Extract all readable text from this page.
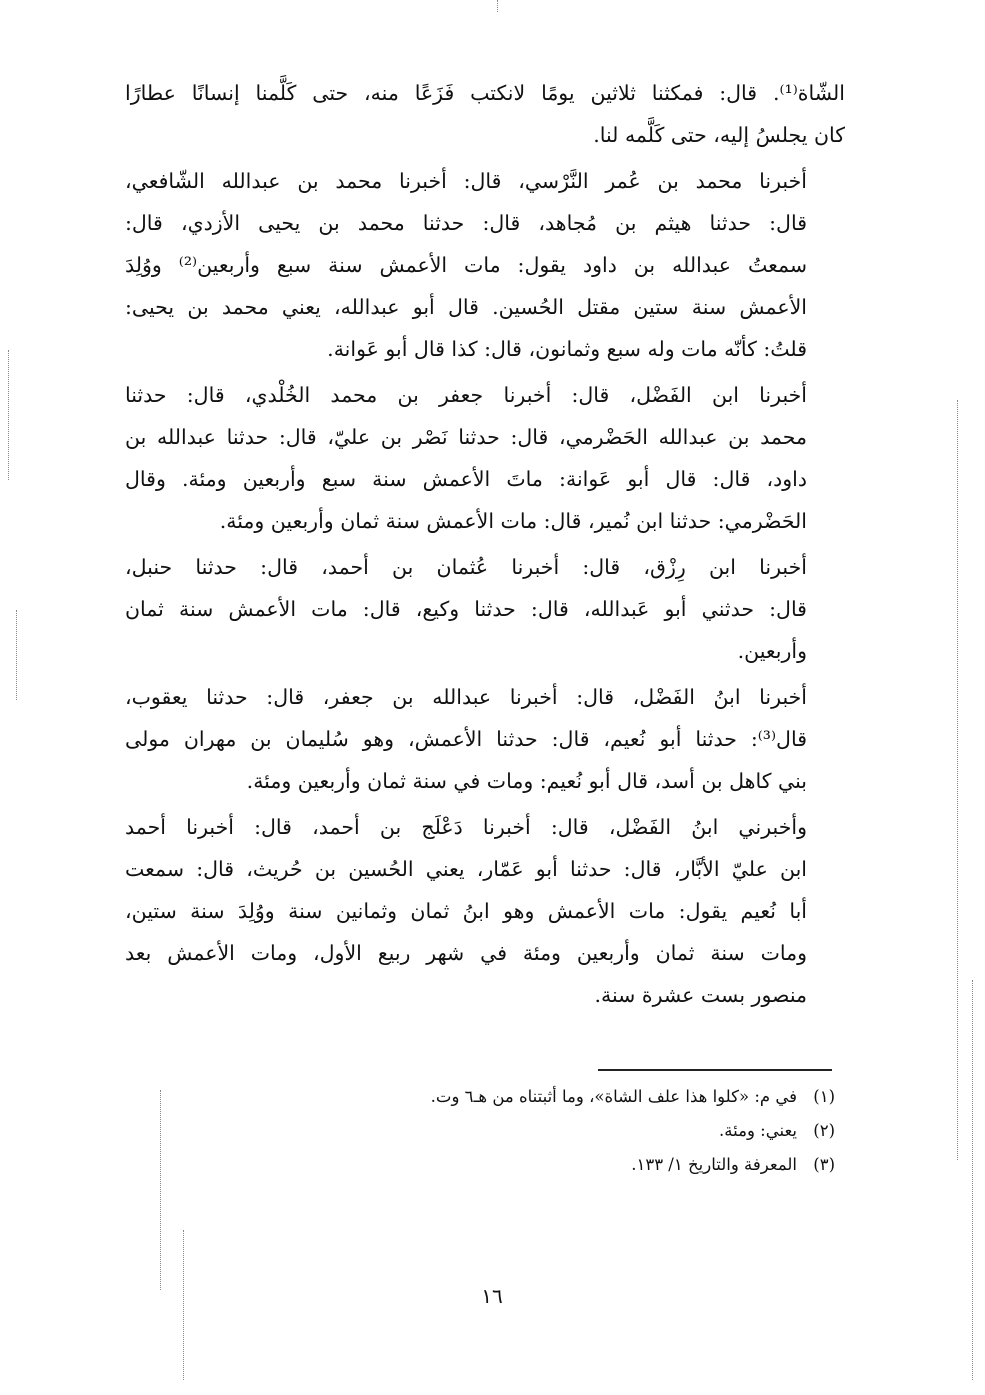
الشّاة⁽¹⁾. قال: فمكثنا ثلاثين يومًا لانكتب فَزَعًا منه، حتى كَلَّمنا إنسانًا عطارًا
كان يجلسُ إليه، حتى كَلَّمه لنا.

أخبرنا محمد بن عُمر النَّرْسي، قال: أخبرنا محمد بن عبدالله الشّافعي،
قال: حدثنا هيثم بن مُجاهد، قال: حدثنا محمد بن يحيى الأزدي، قال:
سمعتُ عبدالله بن داود يقول: مات الأعمش سنة سبع وأربعين⁽²⁾ ووُلِدَ
الأعمش سنة ستين مقتل الحُسين. قال أبو عبدالله، يعني محمد بن يحيى:
قلتُ: كأنّه مات وله سبع وثمانون، قال: كذا قال أبو عَوانة.

أخبرنا ابن الفَضْل، قال: أخبرنا جعفر بن محمد الخُلْدي، قال: حدثنا
محمد بن عبدالله الحَضْرمي، قال: حدثنا نَصْر بن عليّ، قال: حدثنا عبدالله بن
داود، قال: قال أبو عَوانة: ماتَ الأعمش سنة سبع وأربعين ومئة. وقال
الحَضْرمي: حدثنا ابن نُمير، قال: مات الأعمش سنة ثمان وأربعين ومئة.

أخبرنا ابن رِزْق، قال: أخبرنا عُثمان بن أحمد، قال: حدثنا حنبل،
قال: حدثني أبو عَبدالله، قال: حدثنا وكيع، قال: مات الأعمش سنة ثمان
وأربعين.

أخبرنا ابنُ الفَضْل، قال: أخبرنا عبدالله بن جعفر، قال: حدثنا يعقوب،
قال⁽³⁾: حدثنا أبو نُعيم، قال: حدثنا الأعمش، وهو سُليمان بن مهران مولى
بني كاهل بن أسد، قال أبو نُعيم: ومات في سنة ثمان وأربعين ومئة.

وأخبرني ابنُ الفَضْل، قال: أخبرنا دَعْلَج بن أحمد، قال: أخبرنا أحمد
ابن عليّ الأبَّار، قال: حدثنا أبو عَمّار، يعني الحُسين بن حُريث، قال: سمعت
أبا نُعيم يقول: مات الأعمش وهو ابنُ ثمان وثمانين سنة ووُلِدَ سنة ستين،
ومات سنة ثمان وأربعين ومئة في شهر ربيع الأول، ومات الأعمش بعد
منصور بست عشرة سنة.

(١)
في م: «كلوا هذا علف الشاة»، وما أثبتناه من هـ٦ وت.
(٢)
يعني: ومئة.
(٣)
المعرفة والتاريخ ١/ ١٣٣.
١٦
